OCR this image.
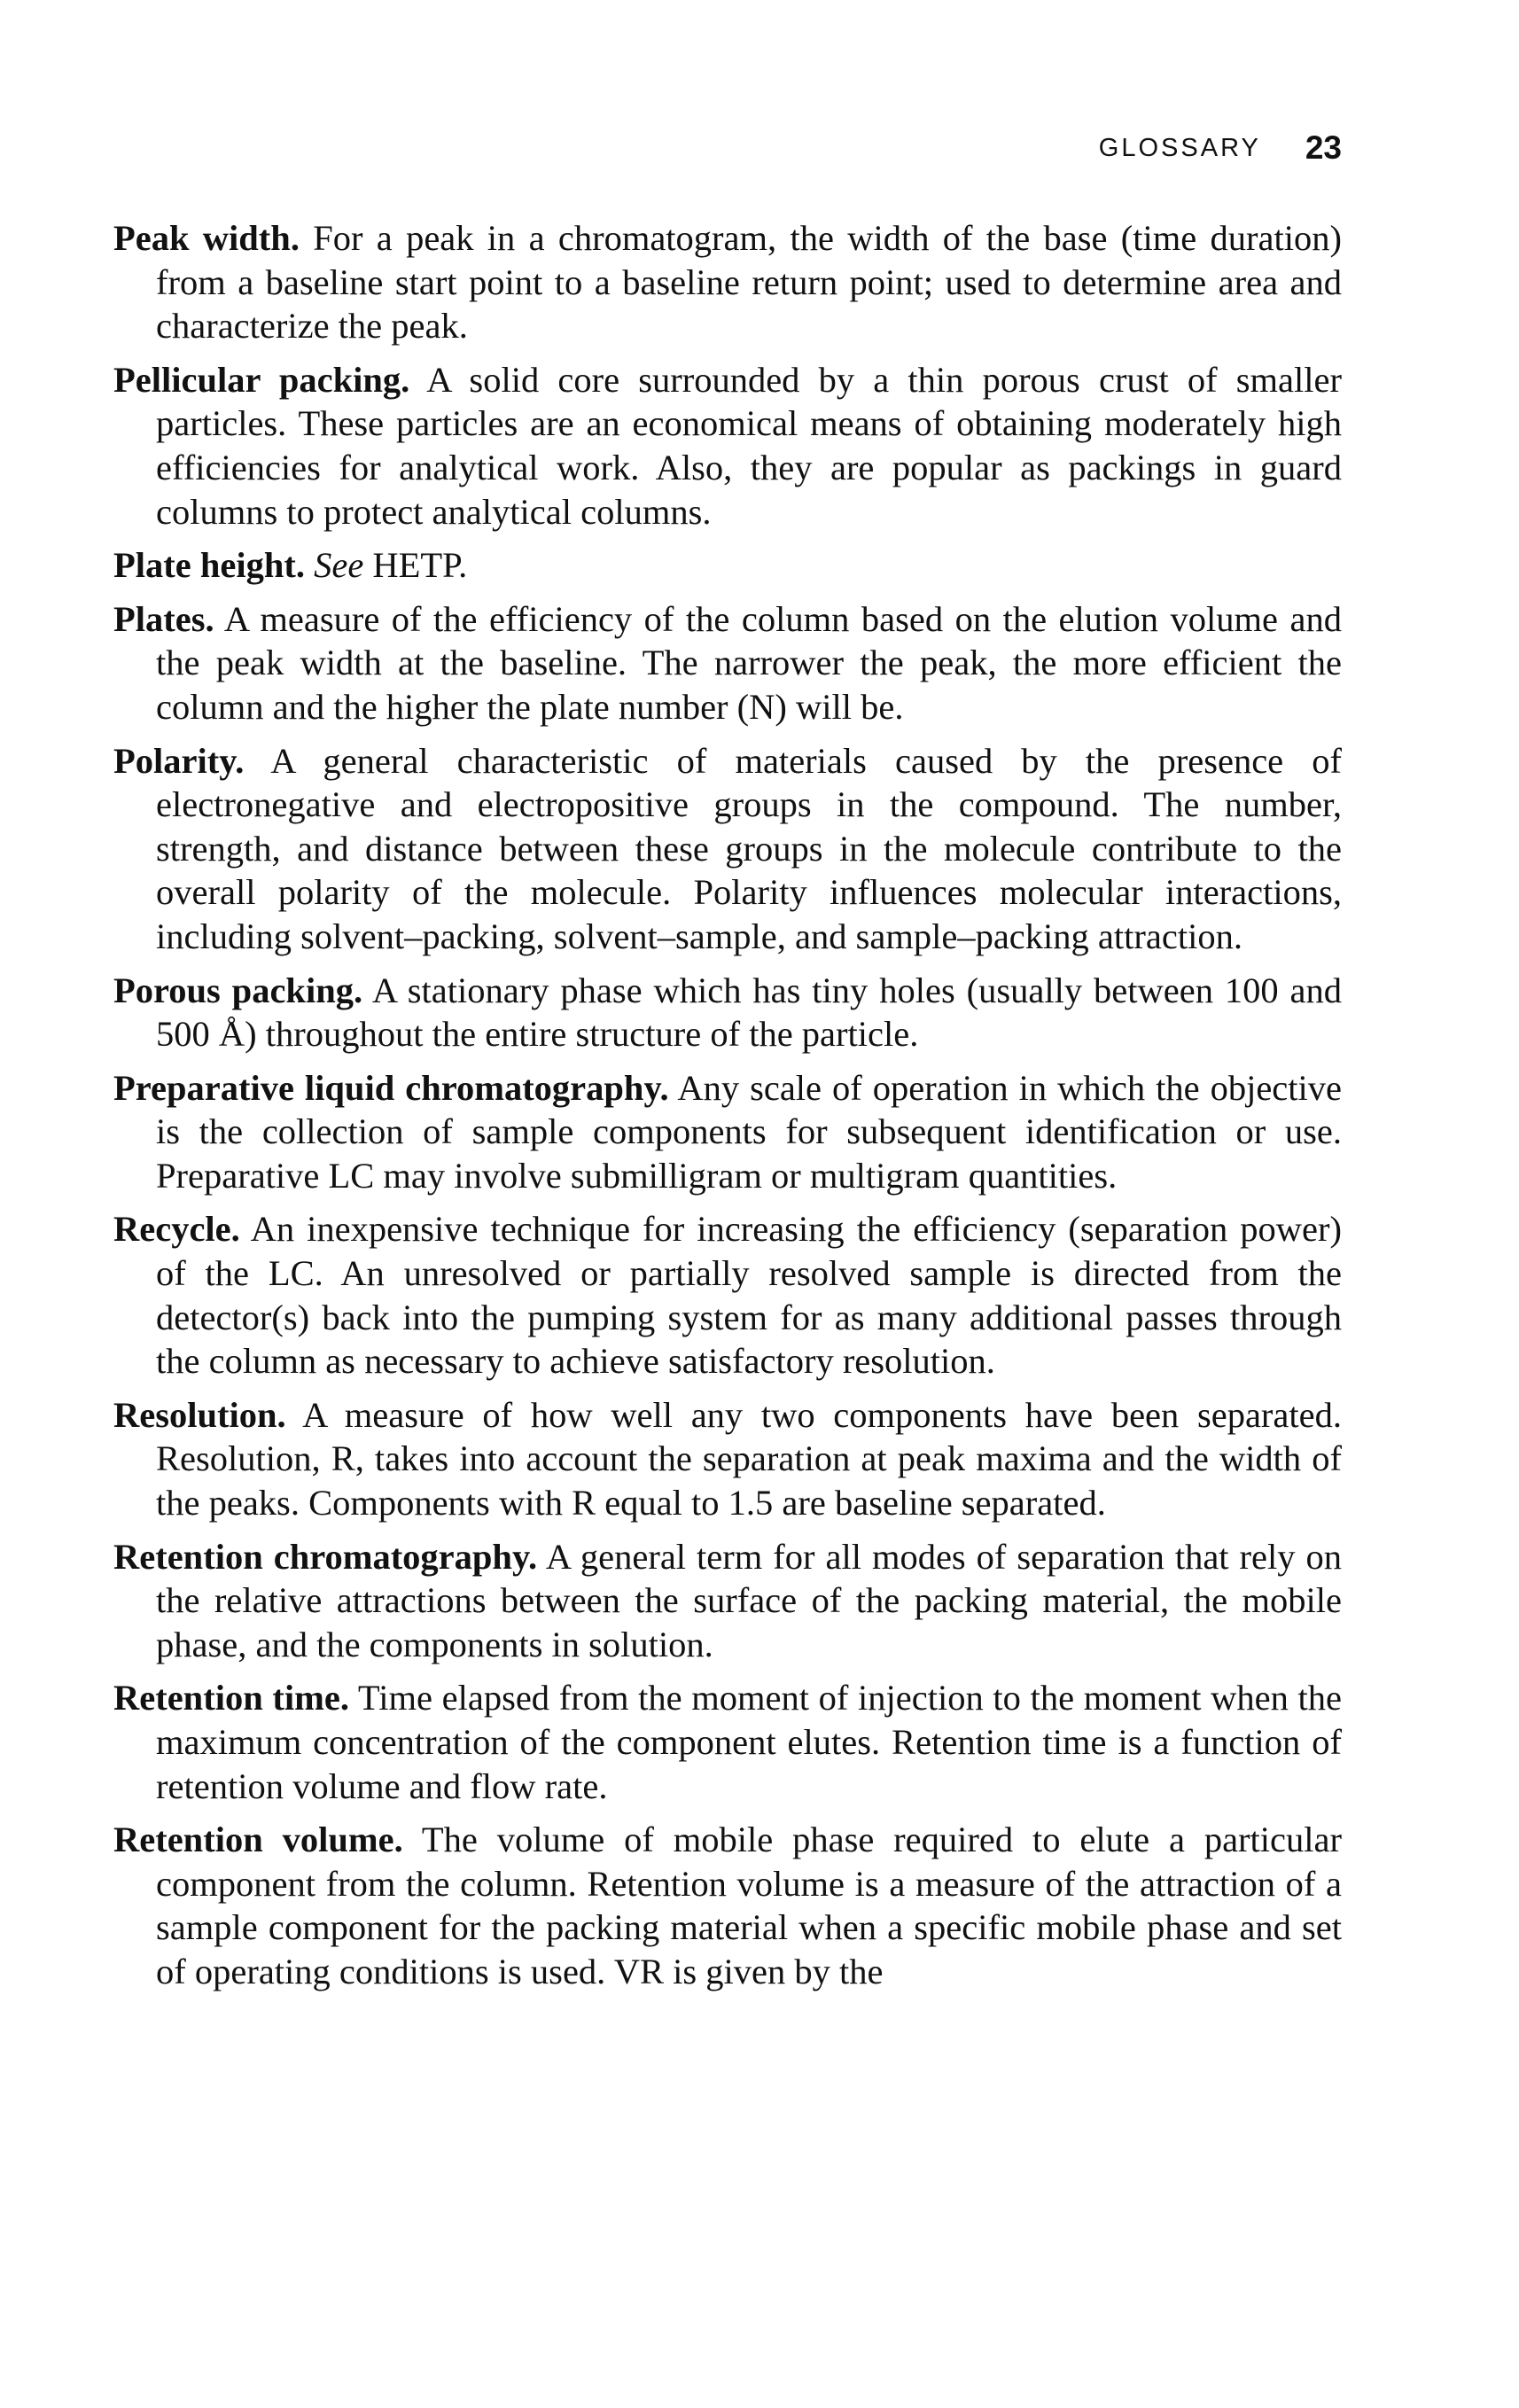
GLOSSARY 23

Peak width. For a peak in a chromatogram, the width of the base (time duration) from a baseline start point to a baseline return point; used to determine area and characterize the peak.

Pellicular packing. A solid core surrounded by a thin porous crust of smaller particles. These particles are an economical means of obtaining moderately high efficiencies for analytical work. Also, they are popular as packings in guard columns to protect analytical columns.

Plate height. See HETP.

Plates. A measure of the efficiency of the column based on the elution volume and the peak width at the baseline. The narrower the peak, the more efficient the column and the higher the plate number (N) will be.

Polarity. A general characteristic of materials caused by the presence of electronegative and electropositive groups in the compound. The number, strength, and distance between these groups in the molecule contribute to the overall polarity of the molecule. Polarity influences molecular interactions, including solvent–packing, solvent–sample, and sample–packing attraction.

Porous packing. A stationary phase which has tiny holes (usually between 100 and 500 Å) throughout the entire structure of the particle.

Preparative liquid chromatography. Any scale of operation in which the objective is the collection of sample components for subsequent identification or use. Preparative LC may involve submilligram or multigram quantities.

Recycle. An inexpensive technique for increasing the efficiency (separation power) of the LC. An unresolved or partially resolved sample is directed from the detector(s) back into the pumping system for as many additional passes through the column as necessary to achieve satisfactory resolution.

Resolution. A measure of how well any two components have been separated. Resolution, R, takes into account the separation at peak maxima and the width of the peaks. Components with R equal to 1.5 are baseline separated.

Retention chromatography. A general term for all modes of separation that rely on the relative attractions between the surface of the packing material, the mobile phase, and the components in solution.

Retention time. Time elapsed from the moment of injection to the moment when the maximum concentration of the component elutes. Retention time is a function of retention volume and flow rate.

Retention volume. The volume of mobile phase required to elute a particular component from the column. Retention volume is a measure of the attraction of a sample component for the packing material when a specific mobile phase and set of operating conditions is used. VR is given by the
